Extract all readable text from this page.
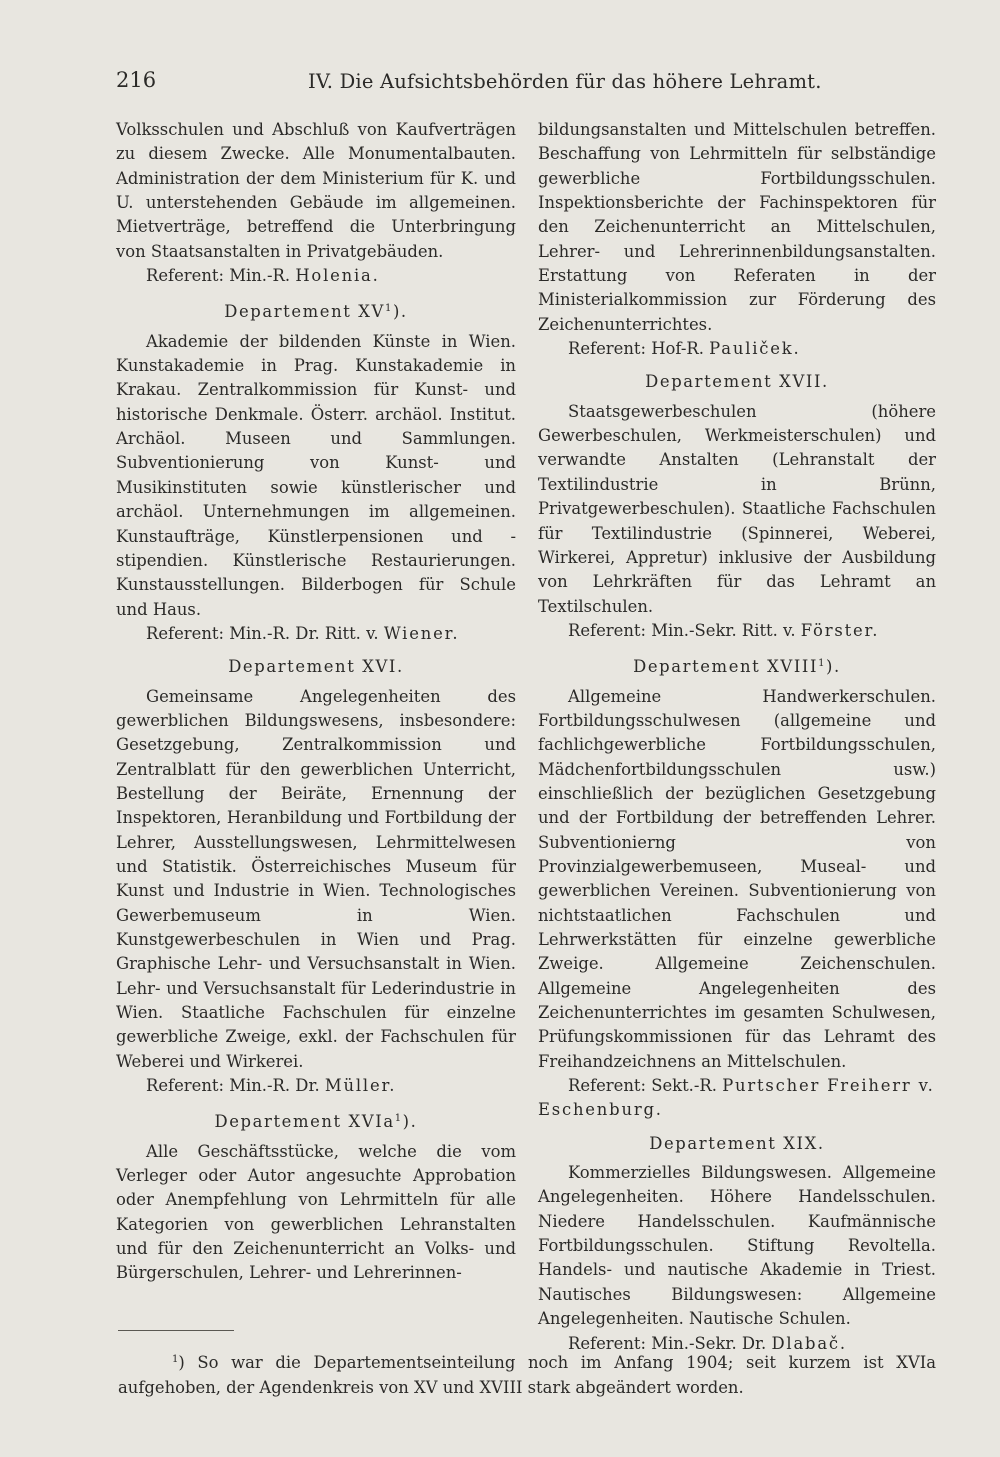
216	IV. Die Aufsichtsbehörden für das höhere Lehramt.

Volksschulen und Abschluß von Kaufverträgen zu diesem Zwecke. Alle Monumentalbauten. Administration der dem Ministerium für K. und U. unterstehenden Gebäude im allgemeinen. Mietverträge, betreffend die Unterbringung von Staatsanstalten in Privatgebäuden.

Referent: Min.-R. Holenia.

Departement $XV^1$).

Akademie der bildenden Künste in Wien. Kunstakademie in Prag. Kunstakademie in Krakau. Zentralkommission für Kunst- und historische Denkmale. Österr. archäol. Institut. Archäol. Museen und Sammlungen. Subventionierung von Kunst- und Musikinstituten sowie künstlerischer und archäol. Unternehmungen im allgemeinen. Kunstaufträge, Künstlerpensionen und -stipendien. Künstlerische Restaurierungen. Kunstausstellungen. Bilderbogen für Schule und Haus.

Referent: Min.-R. Dr. Ritt. v. Wiener.

Departement XVI.

Gemeinsame Angelegenheiten des gewerblichen Bildungswesens, insbesondere: Gesetzgebung, Zentralkommission und Zentralblatt für den gewerblichen Unterricht, Bestellung der Beiräte, Ernennung der Inspektoren, Heranbildung und Fortbildung der Lehrer, Ausstellungswesen, Lehrmittelwesen und Statistik. Österreichisches Museum für Kunst und Industrie in Wien. Technologisches Gewerbemuseum in Wien. Kunstgewerbeschulen in Wien und Prag. Graphische Lehr- und Versuchsanstalt in Wien. Lehr- und Versuchsanstalt für Lederindustrie in Wien. Staatliche Fachschulen für einzelne gewerbliche Zweige, exkl. der Fachschulen für Weberei und Wirkerei.

Referent: Min.-R. Dr. Müller.

Departement XVIa$^1$).

Alle Geschäftsstücke, welche die vom Verleger oder Autor angesuchte Approbation oder Anempfehlung von Lehrmitteln für alle Kategorien von gewerblichen Lehranstalten und für den Zeichenunterricht an Volks- und Bürgerschulen, Lehrer- und Lehrerinnen-

bildungsanstalten und Mittelschulen betreffen. Beschaffung von Lehrmitteln für selbständige gewerbliche Fortbildungsschulen. Inspektionsberichte der Fachinspektoren für den Zeichenunterricht an Mittelschulen, Lehrer- und Lehrerinnenbildungsanstalten. Erstattung von Referaten in der Ministerialkommission zur Förderung des Zeichenunterrichtes.

Referent: Hof-R. Pauliček.

Departement XVII.

Staatsgewerbeschulen (höhere Gewerbeschulen, Werkmeisterschulen) und verwandte Anstalten (Lehranstalt der Textilindustrie in Brünn, Privatgewerbeschulen). Staatliche Fachschulen für Textilindustrie (Spinnerei, Weberei, Wirkerei, Appretur) inklusive der Ausbildung von Lehrkräften für das Lehramt an Textilschulen.

Referent: Min.-Sekr. Ritt. v. Förster.

Departement XVIII$^1$).

Allgemeine Handwerkerschulen. Fortbildungsschulwesen (allgemeine und fachlichgewerbliche Fortbildungsschulen, Mädchenfortbildungsschulen usw.) einschließlich der bezüglichen Gesetzgebung und der Fortbildung der betreffenden Lehrer. Subventionierng von Provinzialgewerbemuseen, Museal- und gewerblichen Vereinen. Subventionierung von nichtstaatlichen Fachschulen und Lehrwerkstätten für einzelne gewerbliche Zweige. Allgemeine Zeichenschulen. Allgemeine Angelegenheiten des Zeichenunterrichtes im gesamten Schulwesen, Prüfungskommissionen für das Lehramt des Freihandzeichnens an Mittelschulen.

Referent: Sekt.-R. Purtscher Freiherr v. Eschenburg.

Departement XIX.

Kommerzielles Bildungswesen. Allgemeine Angelegenheiten. Höhere Handelsschulen. Niedere Handelsschulen. Kaufmännische Fortbildungsschulen. Stiftung Revoltella. Handels- und nautische Akademie in Triest. Nautisches Bildungswesen: Allgemeine Angelegenheiten. Nautische Schulen.

Referent: Min.-Sekr. Dr. Dlabač.

$^1$) So war die Departementseinteilung noch im Anfang 1904; seit kurzem ist XVIa aufgehoben, der Agendenkreis von XV und XVIII stark abgeändert worden.
